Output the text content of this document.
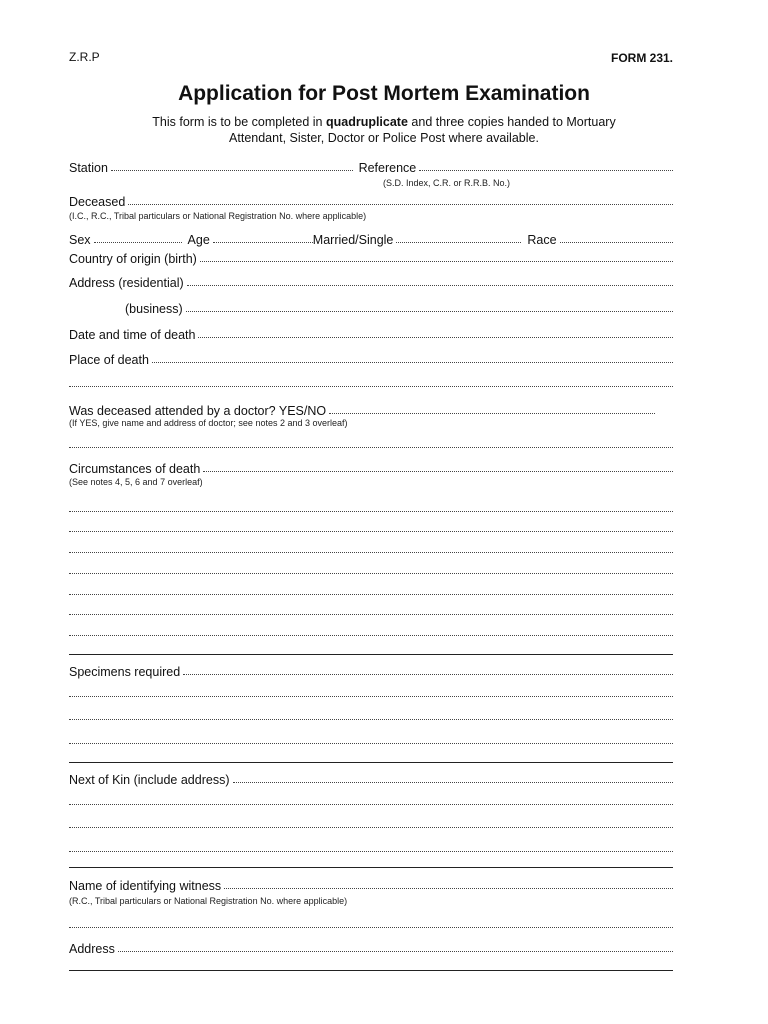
Z.R.P	FORM 231.
Application for Post Mortem Examination
This form is to be completed in quadruplicate and three copies handed to Mortuary
Attendant, Sister, Doctor or Police Post where available.
Station	Reference
(S.D. Index, C.R. or R.R.B. No.)
Deceased
(I.C., R.C., Tribal particulars or National Registration No. where applicable)
Sex	Age	Married/Single	Race
Country of origin (birth)
Address (residential)
(business)
Date and time of death
Place of death
Was deceased attended by a doctor? YES/NO
(If YES, give name and address of doctor; see notes 2 and 3 overleaf)
Circumstances of death
(See notes 4, 5, 6 and 7 overleaf)
Specimens required
Next of Kin (include address)
Name of identifying witness
(R.C., Tribal particulars or National Registration No. where applicable)
Address
